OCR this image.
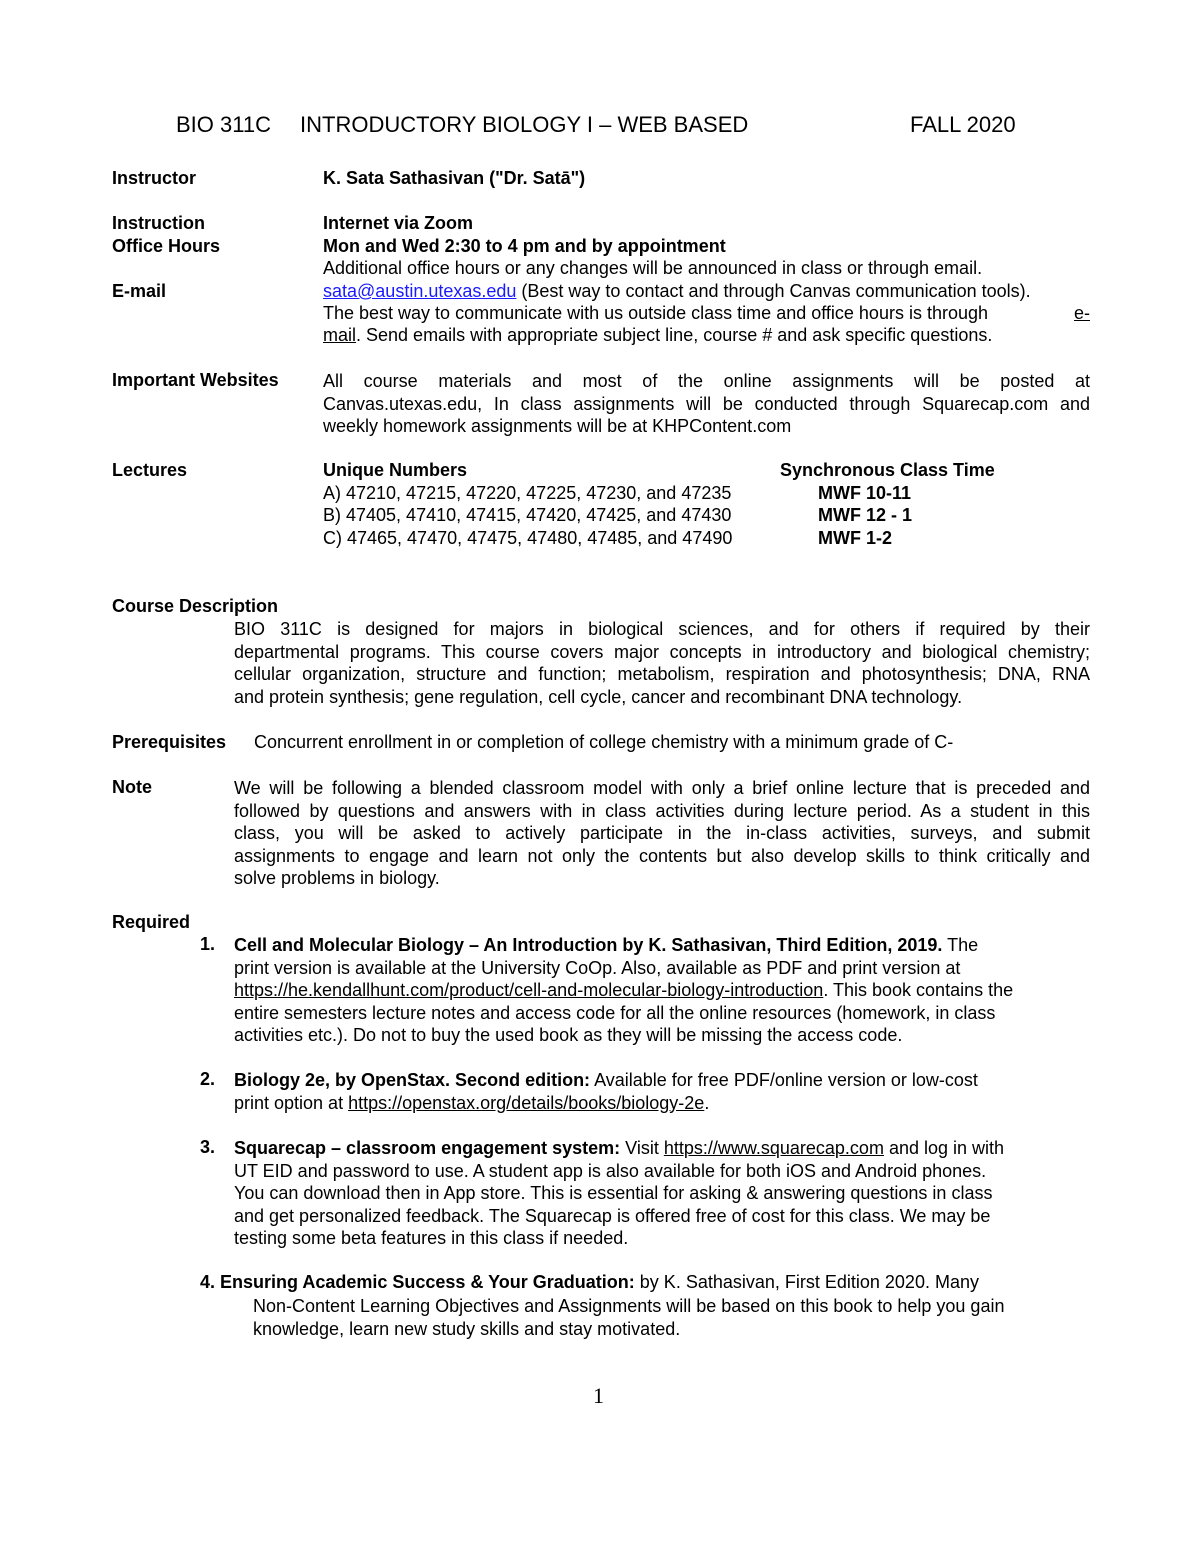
BIO 311C INTRODUCTORY BIOLOGY I – WEB BASED	FALL 2020
Instructor	K. Sata Sathasivan ("Dr. Satā")
Instruction	Internet via Zoom
Office Hours	Mon and Wed 2:30 to 4 pm and by appointment
Additional office hours or any changes will be announced in class or through email.
E-mail	sata@austin.utexas.edu (Best way to contact and through Canvas communication tools).
The best way to communicate with us outside class time and office hours is through	e-
mail. Send emails with appropriate subject line, course # and ask specific questions.
Important Websites All course materials and most of the online assignments will be posted at
Canvas.utexas.edu, In class assignments will be conducted through Squarecap.com and
weekly homework assignments will be at KHPContent.com
Lectures	Unique Numbers	Synchronous Class Time
A) 47210, 47215, 47220, 47225, 47230, and 47235	MWF 10-11
B) 47405, 47410, 47415, 47420, 47425, and 47430	MWF 12 - 1
C) 47465, 47470, 47475, 47480, 47485, and 47490	MWF 1-2
Course Description
BIO 311C is designed for majors in biological sciences, and for others if required by their
departmental programs. This course covers major concepts in introductory and biological chemistry;
cellular organization, structure and function; metabolism, respiration and photosynthesis; DNA, RNA
and protein synthesis; gene regulation, cell cycle, cancer and recombinant DNA technology.
Prerequisites Concurrent enrollment in or completion of college chemistry with a minimum grade of C-
Note	We will be following a blended classroom model with only a brief online lecture that is preceded and
followed by questions and answers with in class activities during lecture period. As a student in this
class, you will be asked to actively participate in the in-class activities, surveys, and submit
assignments to engage and learn not only the contents but also develop skills to think critically and
solve problems in biology.
Required
1. Cell and Molecular Biology – An Introduction by K. Sathasivan, Third Edition, 2019. The
print version is available at the University CoOp. Also, available as PDF and print version at
https://he.kendallhunt.com/product/cell-and-molecular-biology-introduction. This book contains the
entire semesters lecture notes and access code for all the online resources (homework, in class
activities etc.). Do not to buy the used book as they will be missing the access code.
2. Biology 2e, by OpenStax. Second edition: Available for free PDF/online version or low-cost
print option at https://openstax.org/details/books/biology-2e.
3. Squarecap – classroom engagement system: Visit https://www.squarecap.com and log in with
UT EID and password to use. A student app is also available for both iOS and Android phones.
You can download then in App store. This is essential for asking & answering questions in class
and get personalized feedback. The Squarecap is offered free of cost for this class. We may be
testing some beta features in this class if needed.
4. Ensuring Academic Success & Your Graduation: by K. Sathasivan, First Edition 2020. Many
Non-Content Learning Objectives and Assignments will be based on this book to help you gain
knowledge, learn new study skills and stay motivated.
1
